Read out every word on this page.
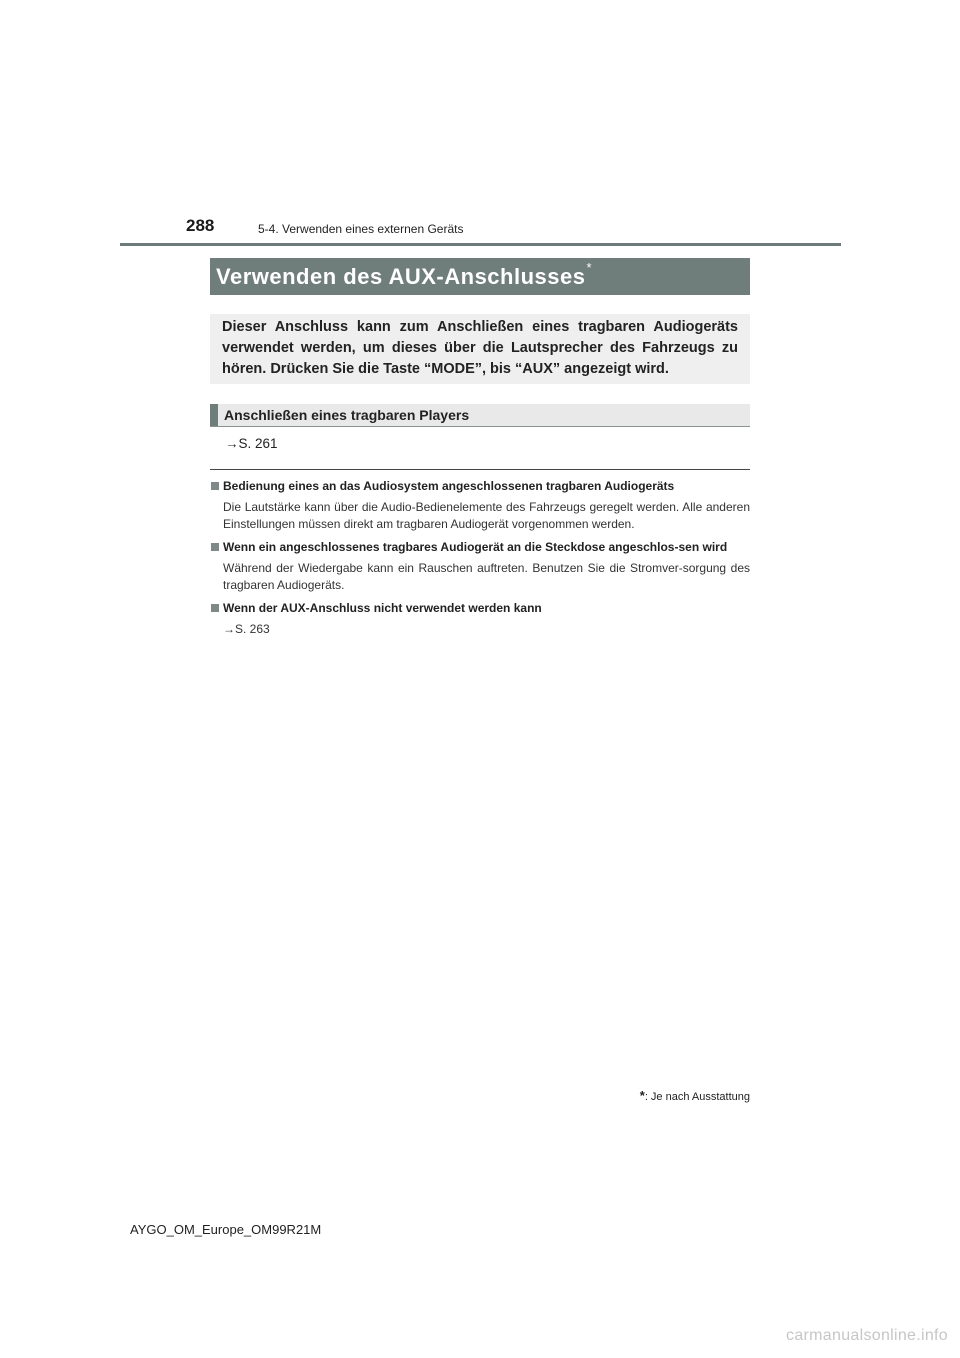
288	5-4. Verwenden eines externen Geräts
Verwenden des AUX-Anschlusses*
Dieser Anschluss kann zum Anschließen eines tragbaren Audiogeräts verwendet werden, um dieses über die Lautsprecher des Fahrzeugs zu hören. Drücken Sie die Taste “MODE”, bis “AUX” angezeigt wird.
Anschließen eines tragbaren Players
→S. 261
Bedienung eines an das Audiosystem angeschlossenen tragbaren Audiogeräts
Die Lautstärke kann über die Audio-Bedienelemente des Fahrzeugs geregelt werden. Alle anderen Einstellungen müssen direkt am tragbaren Audiogerät vorgenommen werden.
Wenn ein angeschlossenes tragbares Audiogerät an die Steckdose angeschlos-sen wird
Während der Wiedergabe kann ein Rauschen auftreten. Benutzen Sie die Stromver-sorgung des tragbaren Audiogeräts.
Wenn der AUX-Anschluss nicht verwendet werden kann
→S. 263
*: Je nach Ausstattung
AYGO_OM_Europe_OM99R21M
carmanualsonline.info
